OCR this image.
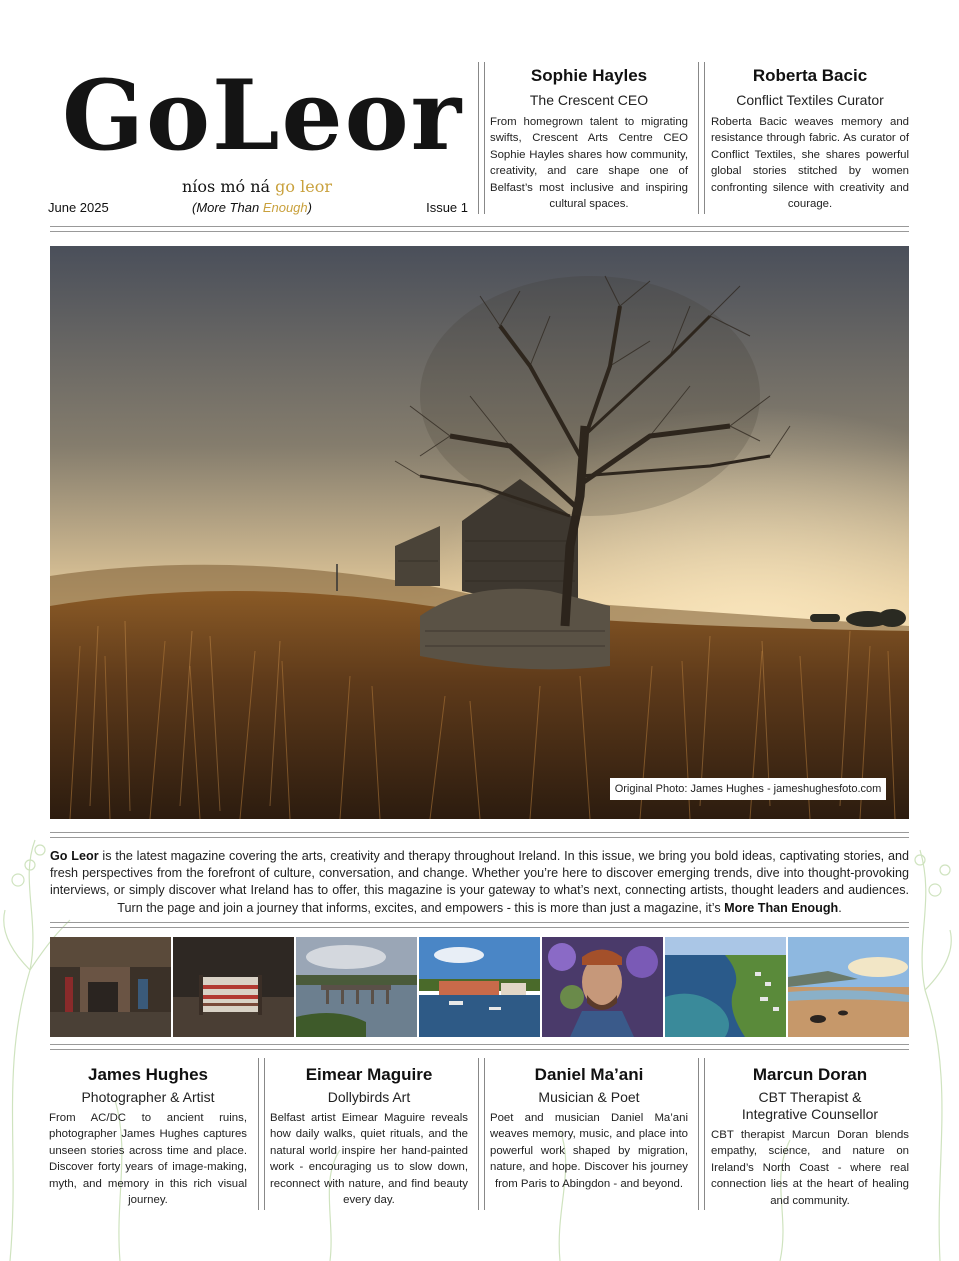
GoLeor
níos mó ná go leor
June 2025	(More Than Enough)	Issue 1
Sophie Hayles
The Crescent CEO

From homegrown talent to migrating swifts, Crescent Arts Centre CEO Sophie Hayles shares how community, creativity, and care shape one of Belfast’s most inclusive and inspiring cultural spaces.

Roberta Bacic
Conflict Textiles Curator

Roberta Bacic weaves memory and resistance through fabric. As curator of Conflict Textiles, she shares powerful global stories stitched by women confronting silence with creativity and courage.

Original Photo: James Hughes - jameshughesfoto.com
Go Leor is the latest magazine covering the arts, creativity and therapy throughout Ireland. In this issue, we bring you bold ideas, captivating stories, and fresh perspectives from the forefront of culture, conversation, and change. Whether you’re here to discover emerging trends, dive into thought-provoking interviews, or simply discover what Ireland has to offer, this magazine is your gateway to what’s next, connecting artists, thought leaders and audiences. Turn the page and join a journey that informs, excites, and empowers - this is more than just a magazine, it’s More Than Enough.
James Hughes
Photographer & Artist

From AC/DC to ancient ruins, photographer James Hughes captures unseen stories across time and place. Discover forty years of image-making, myth, and memory in this rich visual journey.

Eimear Maguire
Dollybirds Art

Belfast artist Eimear Maguire reveals how daily walks, quiet rituals, and the natural world inspire her hand-painted work - encouraging us to slow down, reconnect with nature, and find beauty every day.

Daniel Ma’ani
Musician & Poet

Poet and musician Daniel Ma’ani weaves memory, music, and place into powerful work shaped by migration, nature, and hope. Discover his journey from Paris to Abingdon - and beyond.

Marcun Doran
CBT Therapist & Integrative Counsellor

CBT therapist Marcun Doran blends empathy, science, and nature on Ireland’s North Coast - where real connection lies at the heart of healing and community.
